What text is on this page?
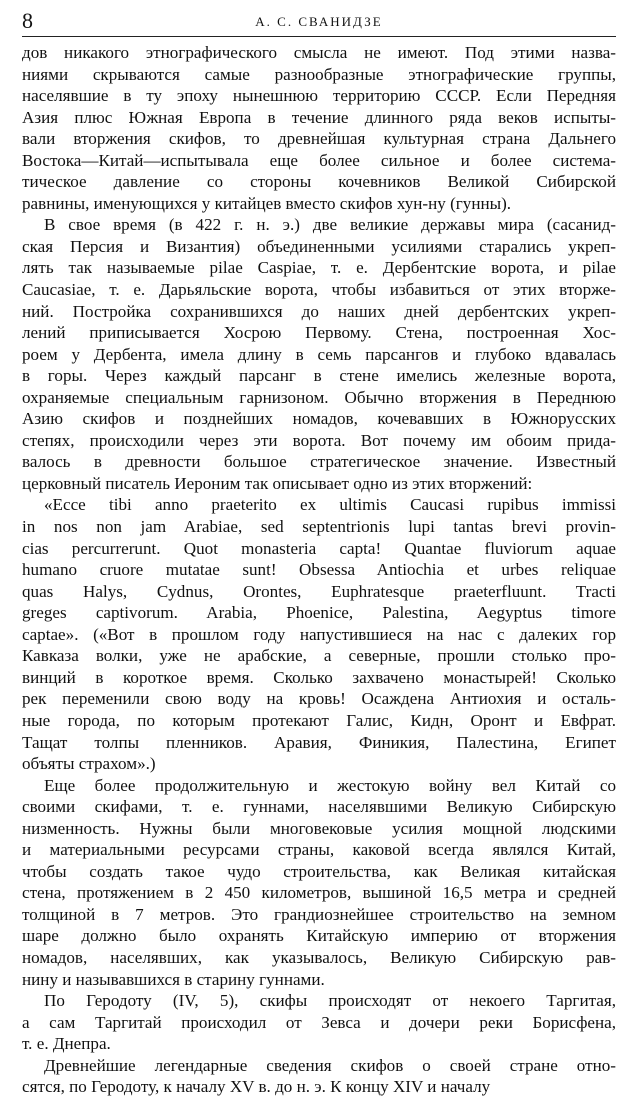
8	А. С. СВАНИДЗЕ
дов никакого этнографического смысла не имеют. Под этими назва-
ниями скрываются самые разнообразные этнографические группы,
населявшие в ту эпоху нынешнюю территорию СССР. Если Передняя
Азия плюс Южная Европа в течение длинного ряда веков испыты-
вали вторжения скифов, то древнейшая культурная страна Дальнего
Востока—Китай—испытывала еще более сильное и более система-
тическое давление со стороны кочевников Великой Сибирской
равнины, именующихся у китайцев вместо скифов хун-ну (гунны).
В свое время (в 422 г. н. э.) две великие державы мира (сасанид-
ская Персия и Византия) объединенными усилиями старались укреп-
лять так называемые pilae Caspiae, т. е. Дербентские ворота, и pilae
Caucasiae, т. е. Дарьяльские ворота, чтобы избавиться от этих вторже-
ний. Постройка сохранившихся до наших дней дербентских укреп-
лений приписывается Хосрою Первому. Стена, построенная Хос-
роем у Дербента, имела длину в семь парсангов и глубоко вдавалась
в горы. Через каждый парсанг в стене имелись железные ворота,
охраняемые специальным гарнизоном. Обычно вторжения в Переднюю
Азию скифов и позднейших номадов, кочевавших в Южнорусских
степях, происходили через эти ворота. Вот почему им обоим прида-
валось в древности большое стратегическое значение. Известный
церковный писатель Иероним так описывает одно из этих вторжений:
«Ecce tibi anno praeterito ex ultimis Caucasi rupibus immissi
in nos non jam Arabiae, sed septentrionis lupi tantas brevi provin-
cias percurrerunt. Quot monasteria capta! Quantae fluviorum aquae
humano cruore mutatae sunt! Obsessa Antiochia et urbes reliquae
quas Halys, Cydnus, Orontes, Euphratesque praeterfluunt. Tracti
greges captivorum. Arabia, Phoenice, Palestina, Aegyptus timore
captae». («Вот в прошлом году напустившиеся на нас с далеких гор
Кавказа волки, уже не арабские, а северные, прошли столько про-
винций в короткое время. Сколько захвачено монастырей! Сколько
рек переменили свою воду на кровь! Осаждена Антиохия и осталь-
ные города, по которым протекают Галис, Кидн, Оронт и Евфрат.
Тащат толпы пленников. Аравия, Финикия, Палестина, Египет
объяты страхом».)
Еще более продолжительную и жестокую войну вел Китай со
своими скифами, т. е. гуннами, населявшими Великую Сибирскую
низменность. Нужны были многовековые усилия мощной людскими
и материальными ресурсами страны, каковой всегда являлся Китай,
чтобы создать такое чудо строительства, как Великая китайская
стена, протяжением в 2 450 километров, вышиной 16,5 метра и средней
толщиной в 7 метров. Это грандиознейшее строительство на земном
шаре должно было охранять Китайскую империю от вторжения
номадов, населявших, как указывалось, Великую Сибирскую рав-
нину и называвшихся в старину гуннами.
По Геродоту (IV, 5), скифы происходят от некоего Таргитая,
а сам Таргитай происходил от Зевса и дочери реки Борисфена,
т. е. Днепра.
Древнейшие легендарные сведения скифов о своей стране отно-
сятся, по Геродоту, к началу XV в. до н. э. К концу XIV и началу
